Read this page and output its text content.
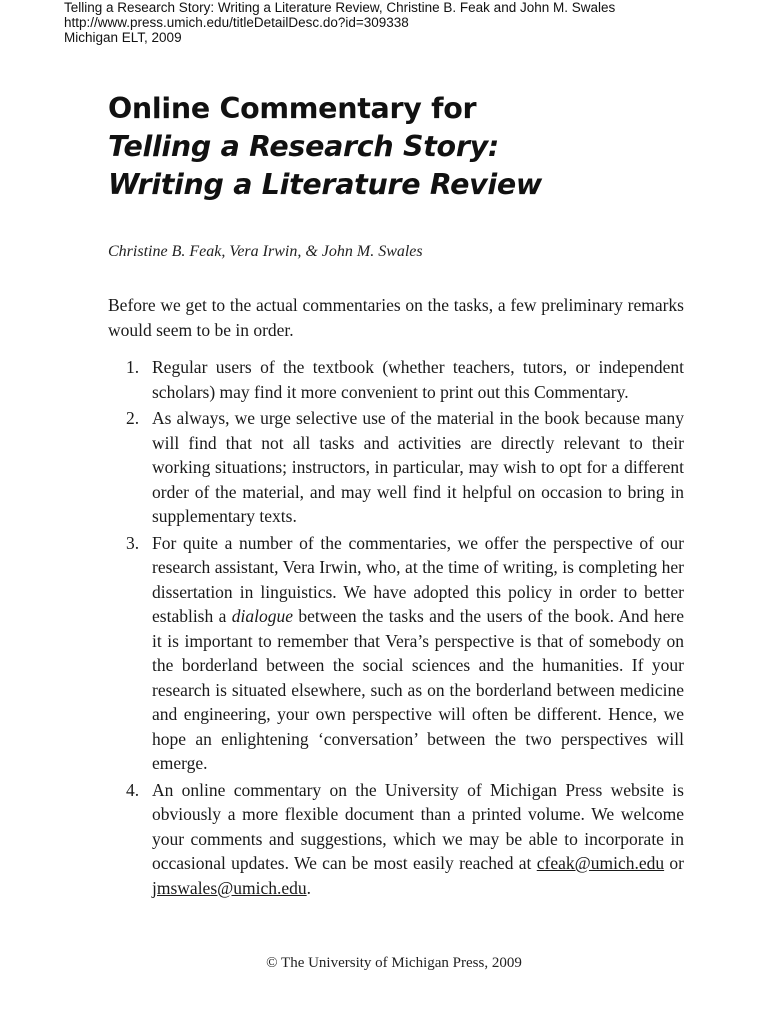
Telling a Research Story: Writing a Literature Review, Christine B. Feak and John M. Swales
http://www.press.umich.edu/titleDetailDesc.do?id=309338
Michigan ELT, 2009
Online Commentary for
Telling a Research Story:
Writing a Literature Review
Christine B. Feak, Vera Irwin, & John M. Swales

Before we get to the actual commentaries on the tasks, a few preliminary remarks would seem to be in order.

1. Regular users of the textbook (whether teachers, tutors, or independent scholars) may find it more convenient to print out this Commentary.
2. As always, we urge selective use of the material in the book because many will find that not all tasks and activities are directly relevant to their working situations; instructors, in particular, may wish to opt for a different order of the material, and may well find it helpful on occasion to bring in supplementary texts.
3. For quite a number of the commentaries, we offer the perspective of our research assistant, Vera Irwin, who, at the time of writing, is completing her dissertation in linguistics. We have adopted this policy in order to better establish a dialogue between the tasks and the users of the book. And here it is important to remember that Vera’s perspective is that of somebody on the borderland between the social sciences and the humanities. If your research is situated elsewhere, such as on the borderland between medicine and engineering, your own perspective will often be different. Hence, we hope an enlightening ‘conversation’ between the two perspectives will emerge.
4. An online commentary on the University of Michigan Press website is obviously a more flexible document than a printed volume. We welcome your comments and suggestions, which we may be able to incorporate in occasional updates. We can be most easily reached at cfeak@umich.edu or jmswales@umich.edu.
© The University of Michigan Press, 2009
